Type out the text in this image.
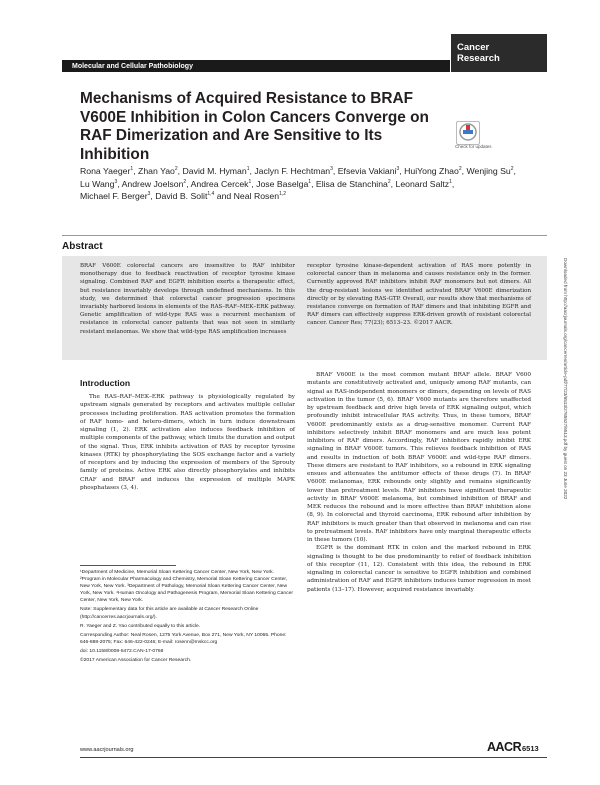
Molecular and Cellular Pathobiology
Cancer
Research
Mechanisms of Acquired Resistance to BRAF V600E Inhibition in Colon Cancers Converge on RAF Dimerization and Are Sensitive to Its Inhibition	Check for updates
Rona Yaeger$^1$, Zhan Yao$^2$, David M. Hyman$^1$, Jaclyn F. Hechtman$^3$, Efsevia Vakiani$^3$, HuiYong Zhao$^2$, Wenjing Su$^2$, Lu Wang$^3$, Andrew Joelson$^2$, Andrea Cercek$^1$, Jose Baselga$^1$, Elisa de Stanchina$^2$, Leonard Saltz$^1$, Michael F. Berger$^3$, David B. Solit$^{1,4}$ and Neal Rosen$^{1,2}$
Abstract
BRAF V600E colorectal cancers are insensitive to RAF inhibitor monotherapy due to feedback reactivation of receptor tyrosine kinase signaling. Combined RAF and EGFR inhibition exerts a therapeutic effect, but resistance invariably develops through undefined mechanisms. In this study, we determined that colorectal cancer progression specimens invariably harbored lesions in elements of the RAS–RAF–MEK–ERK pathway. Genetic amplification of wild-type RAS was a recurrent mechanism of resistance in colorectal cancer patients that was not seen in similarly resistant melanomas. We show that wild-type RAS amplification increases
receptor tyrosine kinase-dependent activation of RAS more potently in colorectal cancer than in melanoma and causes resistance only in the former. Currently approved RAF inhibitors inhibit RAF monomers but not dimers. All the drug-resistant lesions we identified activated BRAF V600E dimerization directly or by elevating RAS-GTP. Overall, our results show that mechanisms of resistance converge on formation of RAF dimers and that inhibiting EGFR and RAF dimers can effectively suppress ERK-driven growth of resistant colorectal cancer. Cancer Res; 77(23); 6513–23. ©2017 AACR.
Introduction

The RAS–RAF–MEK–ERK pathway is physiologically regulated by upstream signals generated by receptors and activates multiple cellular processes including proliferation. RAS activation promotes the formation of RAF homo- and hetero-dimers, which in turn induce downstream signaling (1, 2). ERK activation also induces feedback inhibition of multiple components of the pathway, which limits the duration and output of the signal. Thus, ERK inhibits activation of RAS by receptor tyrosine kinases (RTK) by phosphorylating the SOS exchange factor and a variety of receptors and by inducing the expression of members of the Sprouty family of proteins. Active ERK also directly phosphorylates and inhibits CRAF and BRAF and induces the expression of multiple MAPK phosphatases (3, 4).

BRAF V600E is the most common mutant BRAF allele. BRAF V600 mutants are constitutively activated and, uniquely among RAF mutants, can signal as RAS-independent monomers or dimers, depending on levels of RAS activation in the tumor (5, 6). BRAF V600 mutants are therefore unaffected by upstream feedback and drive high levels of ERK signaling output, which profoundly inhibit intracellular RAS activity. Thus, in these tumors, BRAF V600E predominantly exists as a drug-sensitive monomer. Current RAF inhibitors selectively inhibit BRAF monomers and are much less potent inhibitors of RAF dimers. Accordingly, RAF inhibitors rapidly inhibit ERK signaling in BRAF V600E tumors. This relieves feedback inhibition of RAS and results in induction of both BRAF V600E and wild-type RAF dimers. These dimers are resistant to RAF inhibitors, so a rebound in ERK signaling ensues and attenuates the antitumor effects of these drugs (7). In BRAF V600E melanomas, ERK rebounds only slightly and remains significantly lower than pretreatment levels. RAF inhibitors have significant therapeutic activity in BRAF V600E melanoma, but combined inhibition of BRAF and MEK reduces the rebound and is more effective than BRAF inhibition alone (8, 9). In colorectal and thyroid carcinoma, ERK rebound after inhibition by RAF inhibitors is much greater than that observed in melanoma and can rise to pretreatment levels. RAF inhibitors have only marginal therapeutic effects in these tumors (10).

EGFR is the dominant RTK in colon and the marked rebound in ERK signaling is thought to be due predominantly to relief of feedback inhibition of this receptor (11, 12). Consistent with this idea, the rebound in ERK signaling in colorectal cancer is sensitive to EGFR inhibition and combined administration of RAF and EGFR inhibitors induces tumor regression in most patients (13–17). However, acquired resistance invariably

¹Department of Medicine, Memorial Sloan Kettering Cancer Center, New York, New York. ²Program in Molecular Pharmacology and Chemistry, Memorial Sloan Kettering Cancer Center, New York, New York. ³Department of Pathology, Memorial Sloan Kettering Cancer Center, New York, New York. ⁴Human Oncology and Pathogenesis Program, Memorial Sloan Kettering Cancer Center, New York, New York.

Note: Supplementary data for this article are available at Cancer Research Online (http://cancerres.aacrjournals.org/).

R. Yaeger and Z. Yao contributed equally to this article.

Corresponding Author: Neal Rosen, 1275 York Avenue, Box 271, New York, NY 10065. Phone: 646-888-2075; Fax: 646-422-0246; E-mail: rosenn@mskcc.org

doi: 10.1158/0008-5472.CAN-17-0768

©2017 American Association for Cancer Research.

www.aacrjournals.org	AACR 6513
Downloaded from http://aacrjournals.org/cancerres/article-pdf/77/23/6513/2765527/6513.pdf by guest on 23 June 2022
